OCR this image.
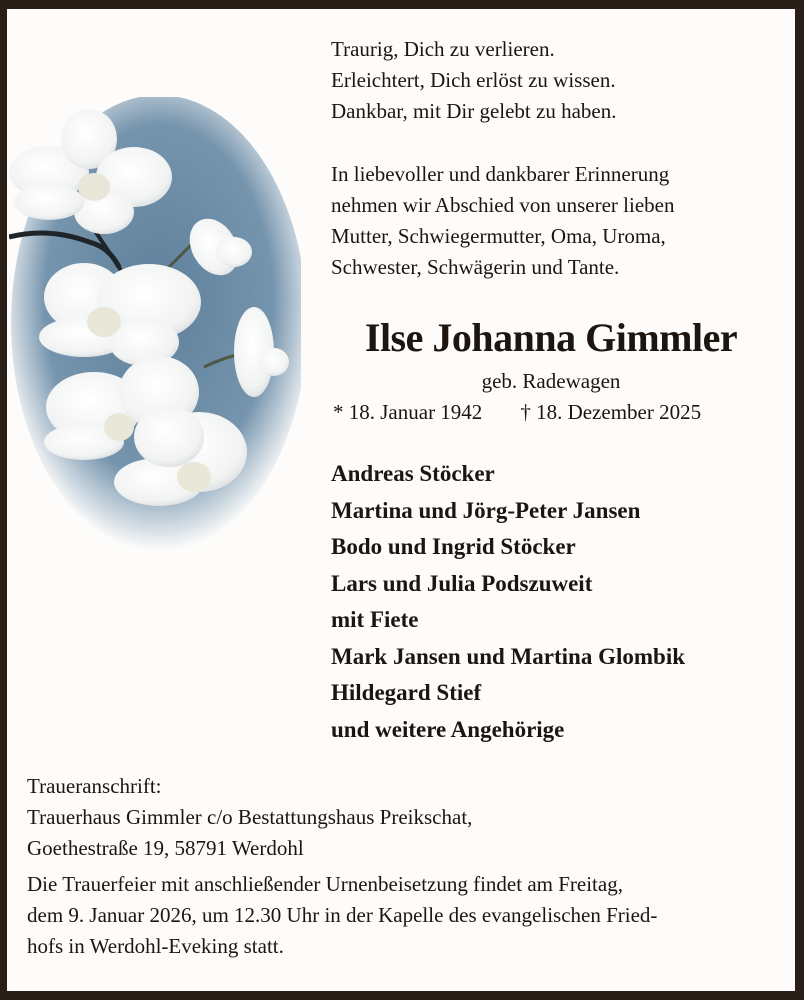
Traurig, Dich zu verlieren.
Erleichtert, Dich erlöst zu wissen.
Dankbar, mit Dir gelebt zu haben.
In liebevoller und dankbarer Erinnerung
nehmen wir Abschied von unserer lieben
Mutter, Schwiegermutter, Oma, Uroma,
Schwester, Schwägerin und Tante.
Ilse Johanna Gimmler
geb. Radewagen
* 18. Januar 1942 † 18. Dezember 2025
Andreas Stöcker
Martina und Jörg-Peter Jansen
Bodo und Ingrid Stöcker
Lars und Julia Podszuweit
mit Fiete
Mark Jansen und Martina Glombik
Hildegard Stief
und weitere Angehörige
Traueranschrift:
Trauerhaus Gimmler c/o Bestattungshaus Preikschat,
Goethestraße 19, 58791 Werdohl
Die Trauerfeier mit anschließender Urnenbeisetzung findet am Freitag,
dem 9. Januar 2026, um 12.30 Uhr in der Kapelle des evangelischen Fried-
hofs in Werdohl-Eveking statt.
